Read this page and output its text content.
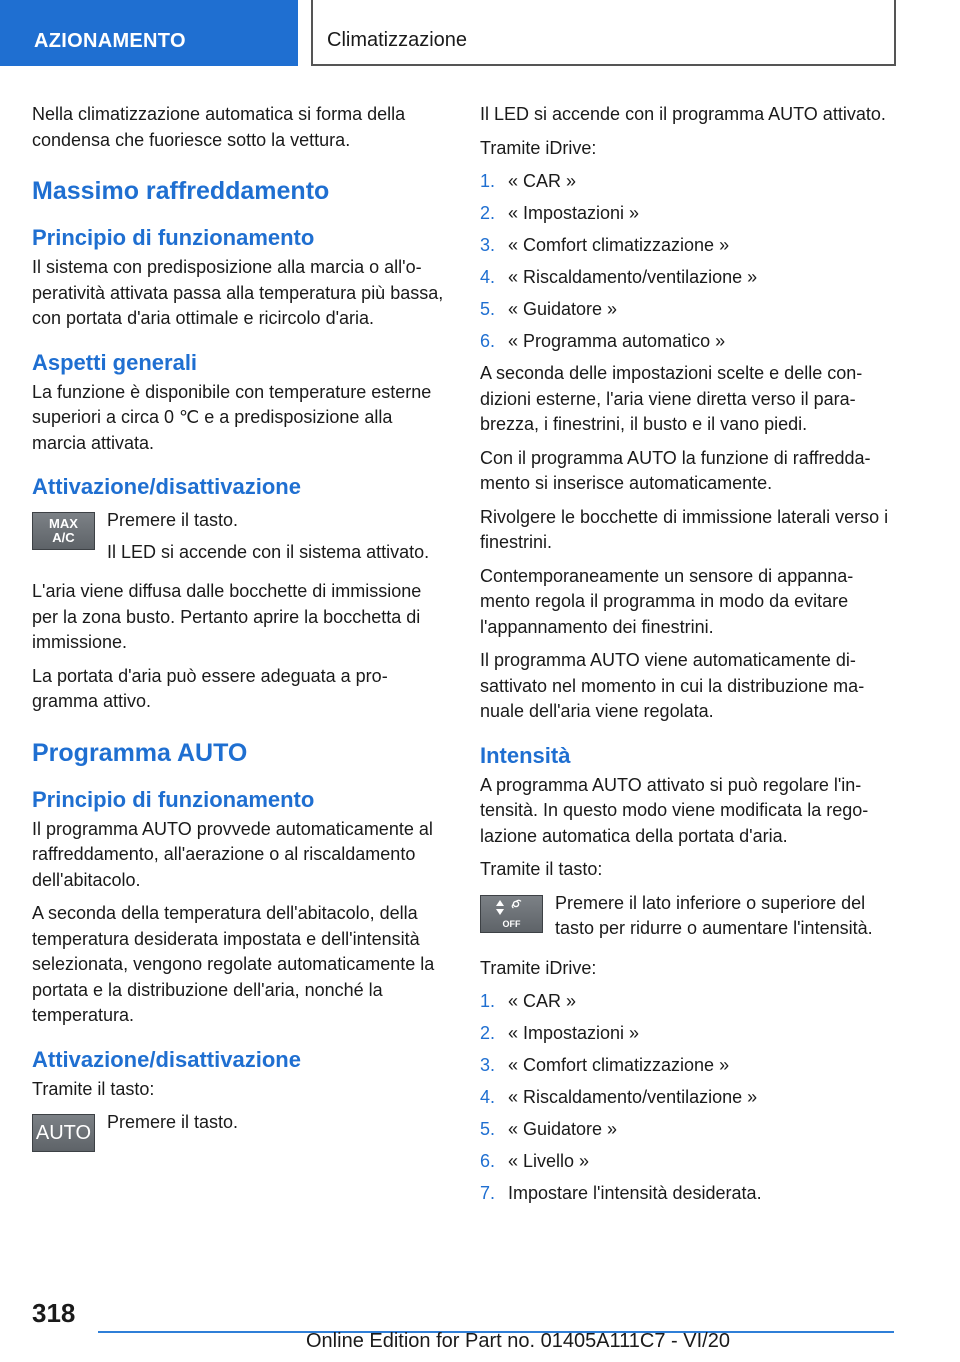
AZIONAMENTO	Climatizzazione

Nella climatizzazione automatica si forma della condensa che fuoriesce sotto la vettura.

Massimo raffreddamento
Principio di funzionamento

Il sistema con predisposizione alla marcia o all'operatività attivata passa alla temperatura più bassa, con portata d'aria ottimale e ricircolo d'aria.

Aspetti generali

La funzione è disponibile con temperature esterne superiori a circa 0 ℃ e a predisposizione alla marcia attivata.

Attivazione/disattivazione
MAX
A/C

Premere il tasto.

Il LED si accende con il sistema attivato.

L'aria viene diffusa dalle bocchette di immissione per la zona busto. Pertanto aprire la bocchetta di immissione.

La portata d'aria può essere adeguata a programma attivo.

Programma AUTO
Principio di funzionamento

Il programma AUTO provvede automaticamente al raffreddamento, all'aerazione o al riscaldamento dell'abitacolo.

A seconda della temperatura dell'abitacolo, della temperatura desiderata impostata e dell'intensità selezionata, vengono regolate automaticamente la portata e la distribuzione dell'aria, nonché la temperatura.

Attivazione/disattivazione

Tramite il tasto:

AUTO Premere il tasto.

Il LED si accende con il programma AUTO attivato.

Tramite iDrive:

1. « CAR »
2. « Impostazioni »
3. « Comfort climatizzazione »
4. « Riscaldamento/ventilazione »
5. « Guidatore »
6. « Programma automatico »

A seconda delle impostazioni scelte e delle condizioni esterne, l'aria viene diretta verso il parabrezza, i finestrini, il busto e il vano piedi.

Con il programma AUTO la funzione di raffreddamento si inserisce automaticamente.

Rivolgere le bocchette di immissione laterali verso i finestrini.

Contemporaneamente un sensore di appannamento regola il programma in modo da evitare l'appannamento dei finestrini.

Il programma AUTO viene automaticamente disattivato nel momento in cui la distribuzione manuale dell'aria viene regolata.

Intensità

A programma AUTO attivato si può regolare l'intensità. In questo modo viene modificata la regolazione automatica della portata d'aria.

Tramite il tasto:

OFF

Premere il lato inferiore o superiore del tasto per ridurre o aumentare l'intensità.

Tramite iDrive:

1. « CAR »
2. « Impostazioni »
3. « Comfort climatizzazione »
4. « Riscaldamento/ventilazione »
5. « Guidatore »
6. « Livello »
7. Impostare l'intensità desiderata.
318
Online Edition for Part no. 01405A111C7 - VI/20
